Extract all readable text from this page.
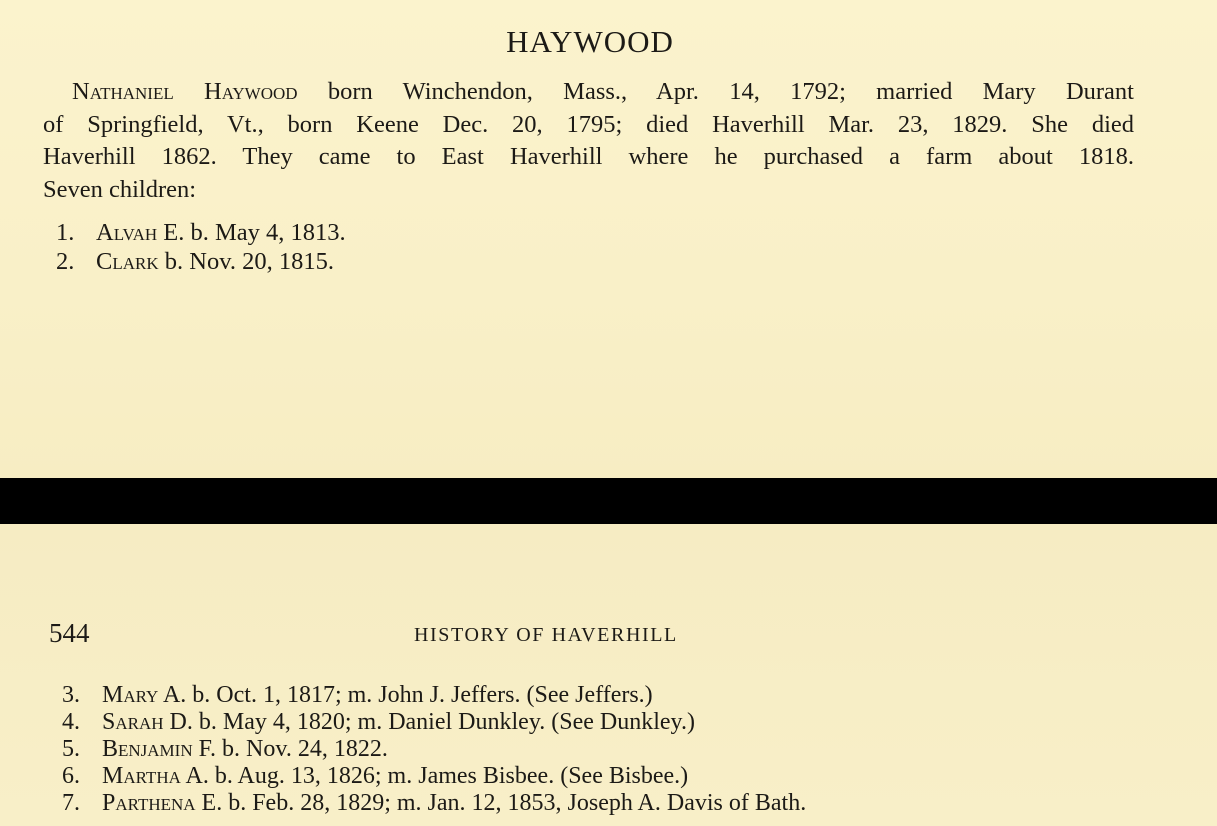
HAYWOOD
Nathaniel Haywood born Winchendon, Mass., Apr. 14, 1792; married Mary Durant
of Springfield, Vt., born Keene Dec. 20, 1795; died Haverhill Mar. 23, 1829. She died
Haverhill 1862. They came to East Haverhill where he purchased a farm about 1818.
Seven children:
1. Alvah E. b. May 4, 1813.
2. Clark b. Nov. 20, 1815.
544	HISTORY OF HAVERHILL
3. Mary A. b. Oct. 1, 1817; m. John J. Jeffers. (See Jeffers.)
4. Sarah D. b. May 4, 1820; m. Daniel Dunkley. (See Dunkley.)
5. Benjamin F. b. Nov. 24, 1822.
6. Martha A. b. Aug. 13, 1826; m. James Bisbee. (See Bisbee.)
7. Parthena E. b. Feb. 28, 1829; m. Jan. 12, 1853, Joseph A. Davis of Bath.
